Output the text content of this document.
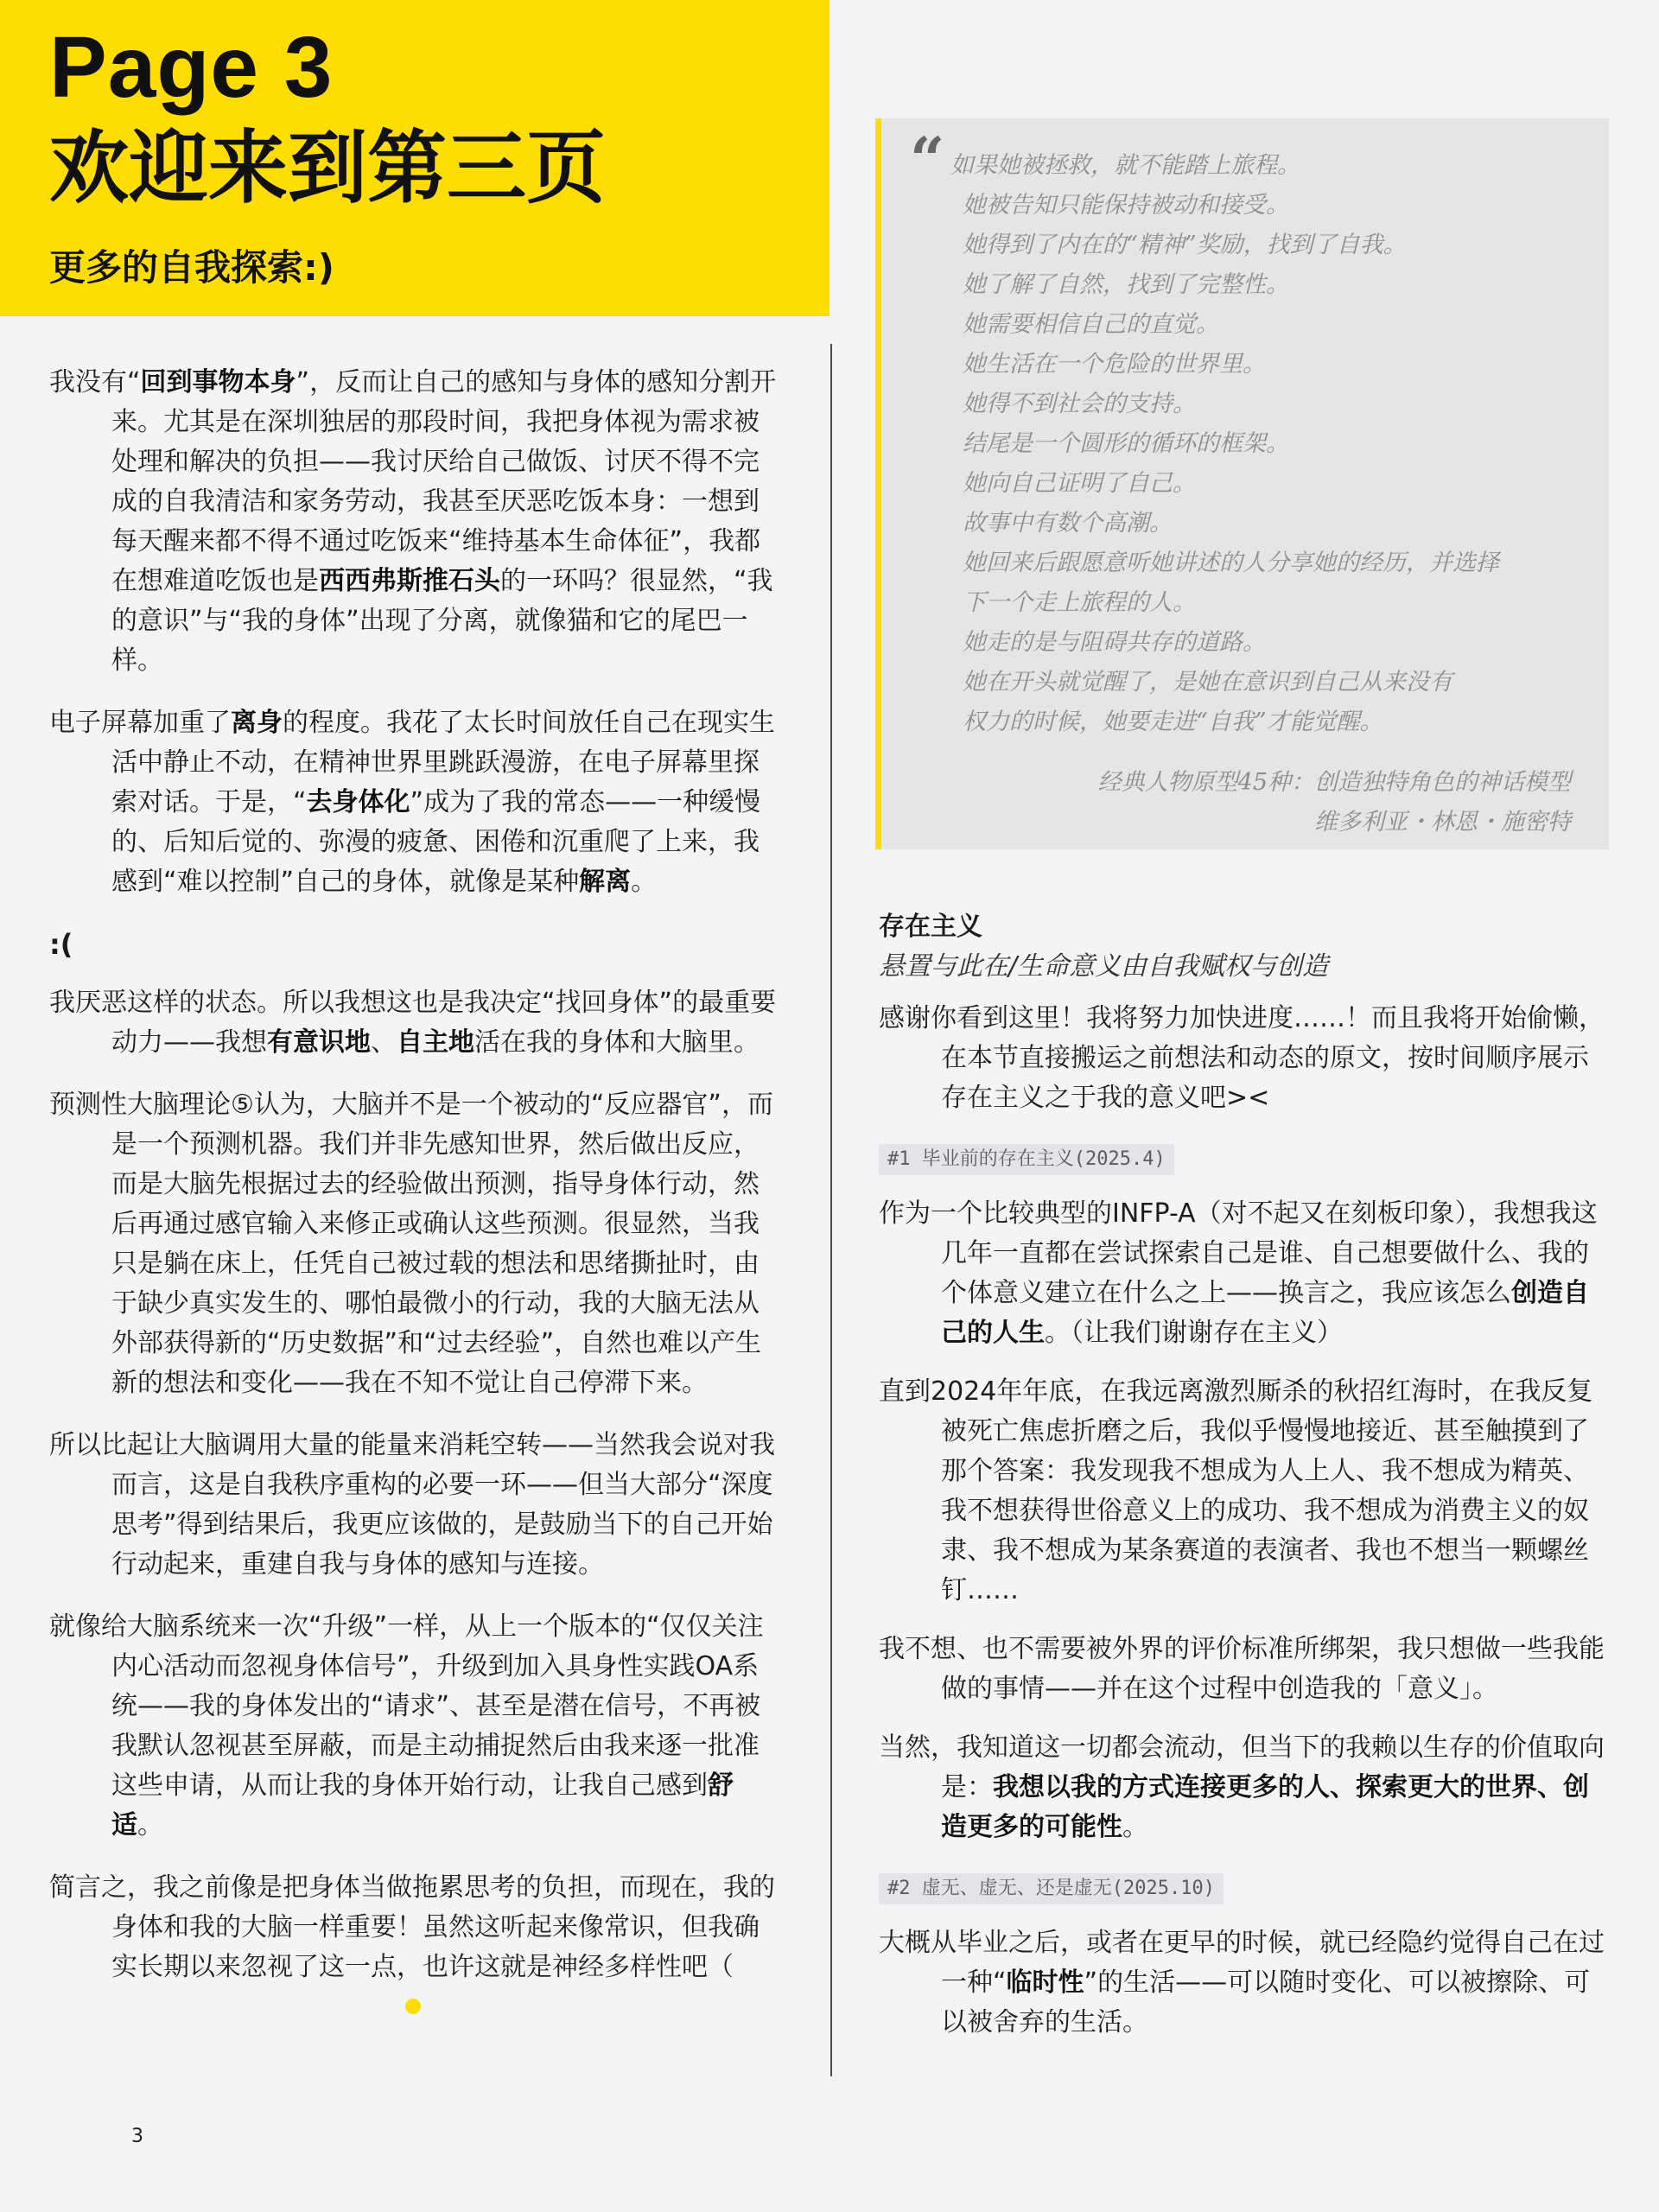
Page 3
欢迎来到第三页
更多的自我探索:)

我没有“回到事物本身”，反而让自己的感知与身体的感知分割开来。尤其是在深圳独居的那段时间，我把身体视为需求被处理和解决的负担——我讨厌给自己做饭、讨厌不得不完成的自我清洁和家务劳动，我甚至厌恶吃饭本身：一想到每天醒来都不得不通过吃饭来“维持基本生命体征”，我都在想难道吃饭也是西西弗斯推石头的一环吗？很显然，“我的意识”与“我的身体”出现了分离，就像猫和它的尾巴一样。

电子屏幕加重了离身的程度。我花了太长时间放任自己在现实生活中静止不动，在精神世界里跳跃漫游，在电子屏幕里探索对话。于是，“去身体化”成为了我的常态——一种缓慢的、后知后觉的、弥漫的疲惫、困倦和沉重爬了上来，我感到“难以控制”自己的身体，就像是某种解离。

:(

我厌恶这样的状态。所以我想这也是我决定“找回身体”的最重要动力——我想有意识地、自主地活在我的身体和大脑里。

预测性大脑理论⑤认为，大脑并不是一个被动的“反应器官”，而是一个预测机器。我们并非先感知世界，然后做出反应，而是大脑先根据过去的经验做出预测，指导身体行动，然后再通过感官输入来修正或确认这些预测。很显然，当我只是躺在床上，任凭自己被过载的想法和思绪撕扯时，由于缺少真实发生的、哪怕最微小的行动，我的大脑无法从外部获得新的“历史数据”和“过去经验”，自然也难以产生新的想法和变化——我在不知不觉让自己停滞下来。

所以比起让大脑调用大量的能量来消耗空转——当然我会说对我而言，这是自我秩序重构的必要一环——但当大部分“深度思考”得到结果后，我更应该做的，是鼓励当下的自己开始行动起来，重建自我与身体的感知与连接。

就像给大脑系统来一次“升级”一样，从上一个版本的“仅仅关注内心活动而忽视身体信号”，升级到加入具身性实践OA系统——我的身体发出的“请求”、甚至是潜在信号，不再被我默认忽视甚至屏蔽，而是主动捕捉然后由我来逐一批准这些申请，从而让我的身体开始行动，让我自己感到舒适。

简言之，我之前像是把身体当做拖累思考的负担，而现在，我的身体和我的大脑一样重要！虽然这听起来像常识，但我确实长期以来忽视了这一点，也许这就是神经多样性吧（

“ 如果她被拯救，就不能踏上旅程。
她被告知只能保持被动和接受。
她得到了内在的“精神”奖励，找到了自我。
她了解了自然，找到了完整性。
她需要相信自己的直觉。
她生活在一个危险的世界里。
她得不到社会的支持。
结尾是一个圆形的循环的框架。
她向自己证明了自己。
故事中有数个高潮。
她回来后跟愿意听她讲述的人分享她的经历，并选择
下一个走上旅程的人。
她走的是与阻碍共存的道路。
她在开头就觉醒了，是她在意识到自己从来没有
权力的时候，她要走进“自我”才能觉醒。
经典人物原型45种：创造独特角色的神话模型
维多利亚・林恩・施密特

存在主义

悬置与此在/生命意义由自我赋权与创造

感谢你看到这里！我将努力加快进度……！而且我将开始偷懒，在本节直接搬运之前想法和动态的原文，按时间顺序展示存在主义之于我的意义吧><

#1 毕业前的存在主义(2025.4)

作为一个比较典型的INFP-A（对不起又在刻板印象），我想我这几年一直都在尝试探索自己是谁、自己想要做什么、我的个体意义建立在什么之上——换言之，我应该怎么创造自己的人生。（让我们谢谢存在主义）

直到2024年年底，在我远离激烈厮杀的秋招红海时，在我反复被死亡焦虑折磨之后，我似乎慢慢地接近、甚至触摸到了那个答案：我发现我不想成为人上人、我不想成为精英、我不想获得世俗意义上的成功、我不想成为消费主义的奴隶、我不想成为某条赛道的表演者、我也不想当一颗螺丝钉……

我不想、也不需要被外界的评价标准所绑架，我只想做一些我能做的事情——并在这个过程中创造我的「意义」。

当然，我知道这一切都会流动，但当下的我赖以生存的价值取向是：我想以我的方式连接更多的人、探索更大的世界、创造更多的可能性。

#2 虚无、虚无、还是虚无(2025.10)

大概从毕业之后，或者在更早的时候，就已经隐约觉得自己在过一种“临时性”的生活——可以随时变化、可以被擦除、可以被舍弃的生活。

3
